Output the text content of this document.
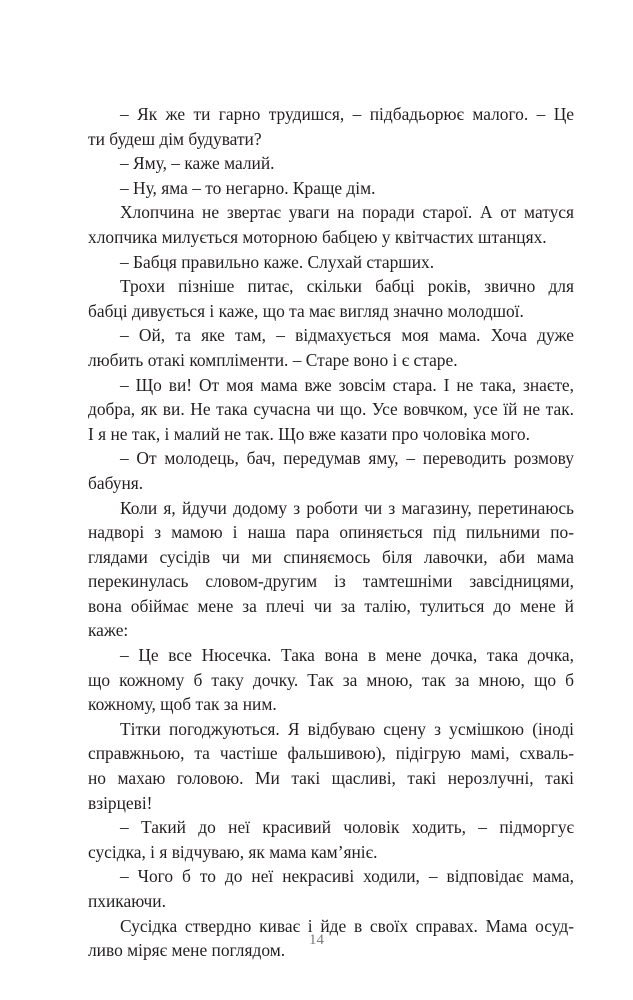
– Як же ти гарно трудишся, – підбадьорює малого. – Це
ти будеш дім будувати?
– Яму, – каже малий.
– Ну, яма – то негарно. Краще дім.
Хлопчина не звертає уваги на поради старої. А от матуся
хлопчика милується моторною бабцею у квітчастих штанцях.
– Бабця правильно каже. Слухай старших.
Трохи пізніше питає, скільки бабці років, звично для
бабці дивується і каже, що та має вигляд значно молодшої.
– Ой, та яке там, – відмахується моя мама. Хоча дуже
любить отакі компліменти. – Старе воно і є старе.
– Що ви! От моя мама вже зовсім стара. І не така, знаєте,
добра, як ви. Не така сучасна чи що. Усе вовчком, усе їй не так.
І я не так, і малий не так. Що вже казати про чоловіка мого.
– От молодець, бач, передумав яму, – переводить розмову
бабуня.
Коли я, йдучи додому з роботи чи з магазину, перетинаюсь
надворі з мамою і наша пара опиняється під пильними по-
глядами сусідів чи ми спиняємось біля лавочки, аби мама
перекинулась словом-другим із тамтешніми завсідницями,
вона обіймає мене за плечі чи за талію, тулиться до мене й
каже:
– Це все Нюсечка. Така вона в мене дочка, така дочка,
що кожному б таку дочку. Так за мною, так за мною, що б
кожному, щоб так за ним.
Тітки погоджуються. Я відбуваю сцену з усмішкою (іноді
справжньою, та частіше фальшивою), підігрую мамі, схваль-
но махаю головою. Ми такі щасливі, такі нерозлучні, такі
взірцеві!
– Такий до неї красивий чоловік ходить, – підморгує
сусідка, і я відчуваю, як мама кам’яніє.
– Чого б то до неї некрасиві ходили, – відповідає мама,
пхикаючи.
Сусідка ствердно киває і йде в своїх справах. Мама осуд-
ливо міряє мене поглядом.
14
